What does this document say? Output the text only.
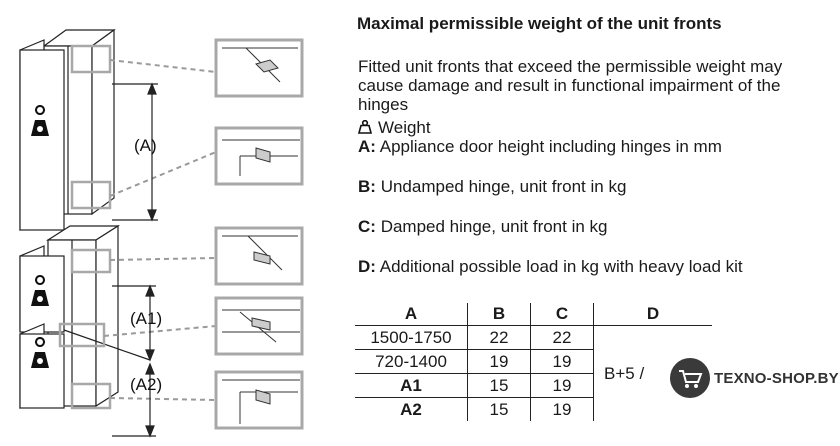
(A)
(A1)
(A2)
Maximal permissible weight of the unit fronts

Fitted unit fronts that exceed the permissible weight may cause damage and result in functional impairment of the hinges

Weight
A: Appliance door height including hinges in mm
B: Undamped hinge, unit front in kg
C: Damped hinge, unit front in kg
D: Additional possible load in kg with heavy load kit
A	B	C	D
1500-1750	22	22	B+5 /
720-1400	19	19	
A1	15	19	
A2	15	19	
TEXNO-SHOP.BY
